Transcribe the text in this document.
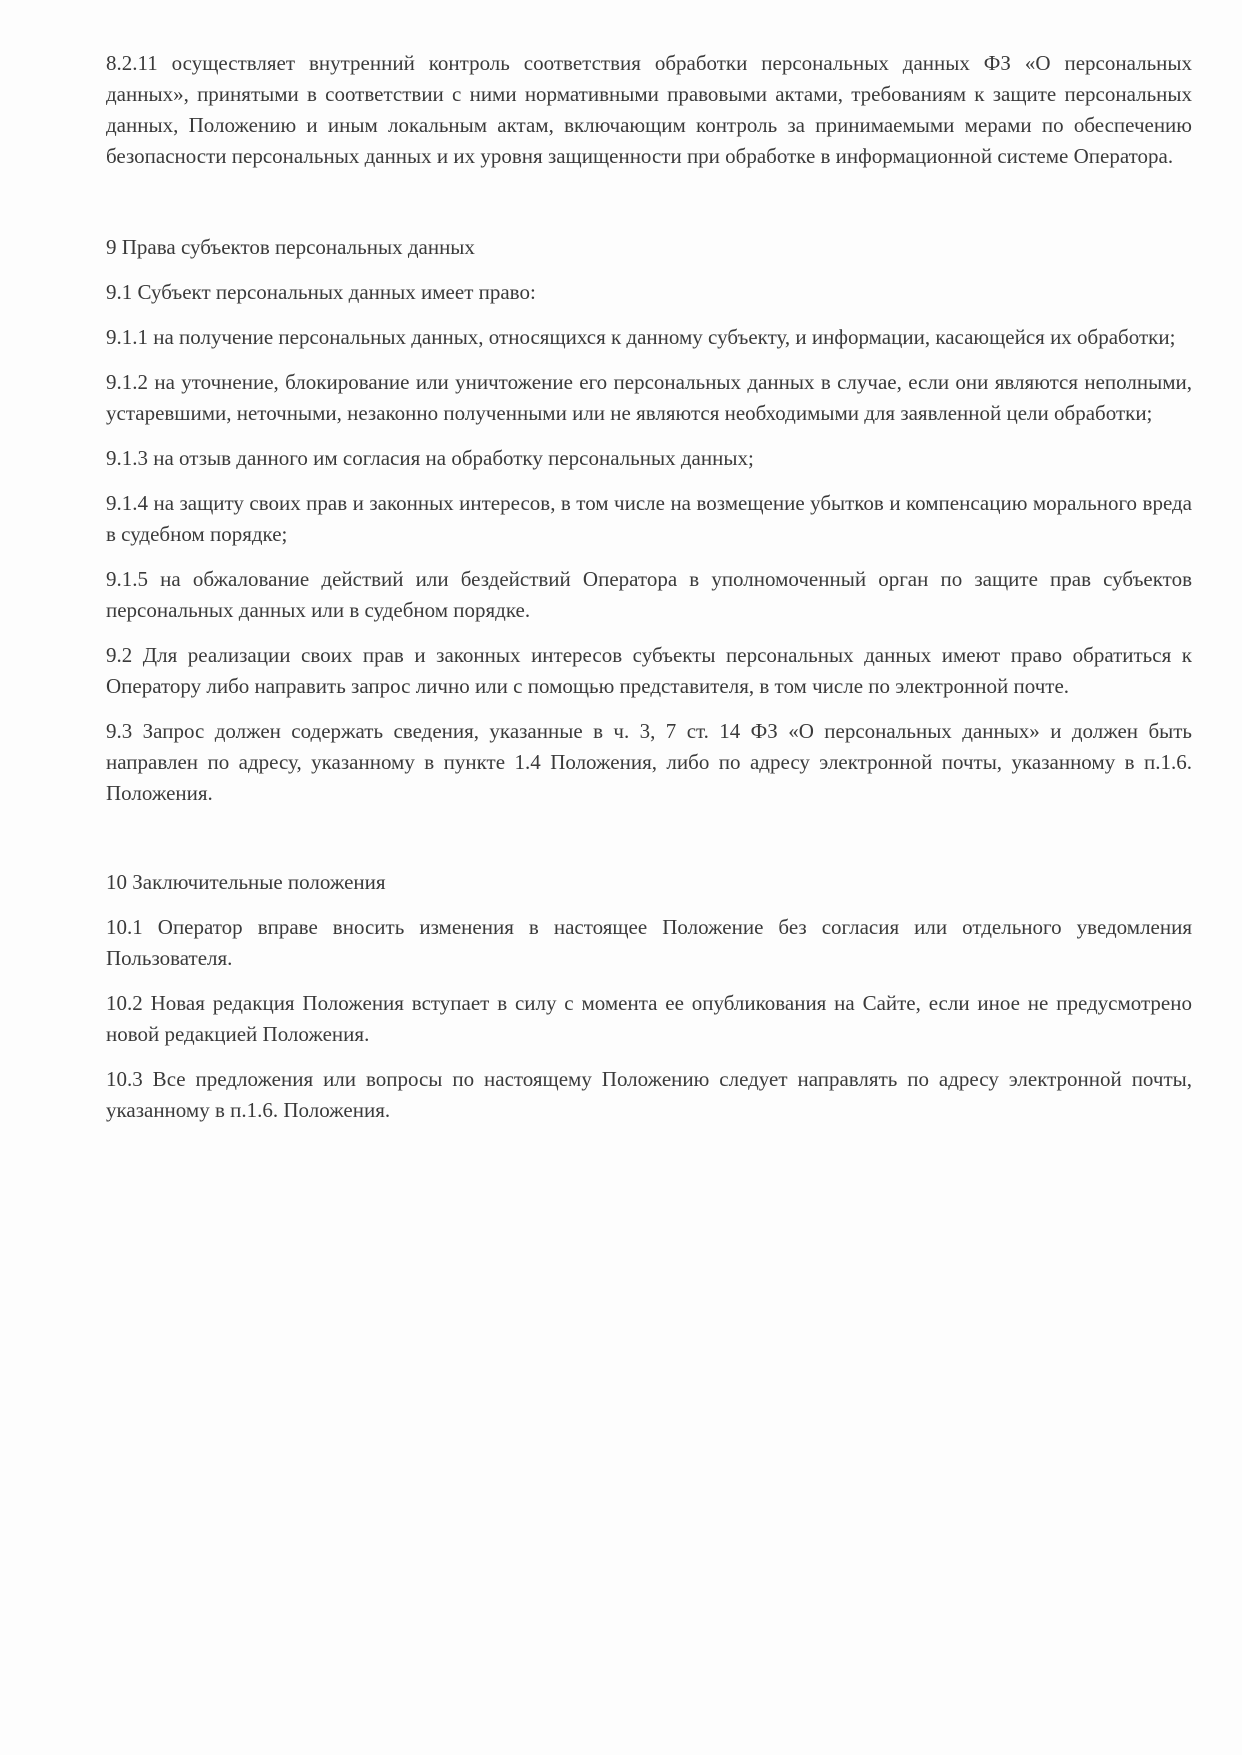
8.2.11 осуществляет внутренний контроль соответствия обработки персональных данных ФЗ «О персональных данных», принятыми в соответствии с ними нормативными правовыми актами, требованиям к защите персональных данных, Положению и иным локальным актам, включающим контроль за принимаемыми мерами по обеспечению безопасности персональных данных и их уровня защищенности при обработке в информационной системе Оператора.

9 Права субъектов персональных данных

9.1 Субъект персональных данных имеет право:

9.1.1 на получение персональных данных, относящихся к данному субъекту, и информации, касающейся их обработки;

9.1.2 на уточнение, блокирование или уничтожение его персональных данных в случае, если они являются неполными, устаревшими, неточными, незаконно полученными или не являются необходимыми для заявленной цели обработки;

9.1.3 на отзыв данного им согласия на обработку персональных данных;

9.1.4 на защиту своих прав и законных интересов, в том числе на возмещение убытков и компенсацию морального вреда в судебном порядке;

9.1.5 на обжалование действий или бездействий Оператора в уполномоченный орган по защите прав субъектов персональных данных или в судебном порядке.

9.2 Для реализации своих прав и законных интересов субъекты персональных данных имеют право обратиться к Оператору либо направить запрос лично или с помощью представителя, в том числе по электронной почте.

9.3 Запрос должен содержать сведения, указанные в ч. 3, 7 ст. 14 ФЗ «О персональных данных» и должен быть направлен по адресу, указанному в пункте 1.4 Положения, либо по адресу электронной почты, указанному в п.1.6. Положения.

10 Заключительные положения

10.1 Оператор вправе вносить изменения в настоящее Положение без согласия или отдельного уведомления Пользователя.

10.2 Новая редакция Положения вступает в силу с момента ее опубликования на Сайте, если иное не предусмотрено новой редакцией Положения.

10.3 Все предложения или вопросы по настоящему Положению следует направлять по адресу электронной почты, указанному в п.1.6. Положения.
